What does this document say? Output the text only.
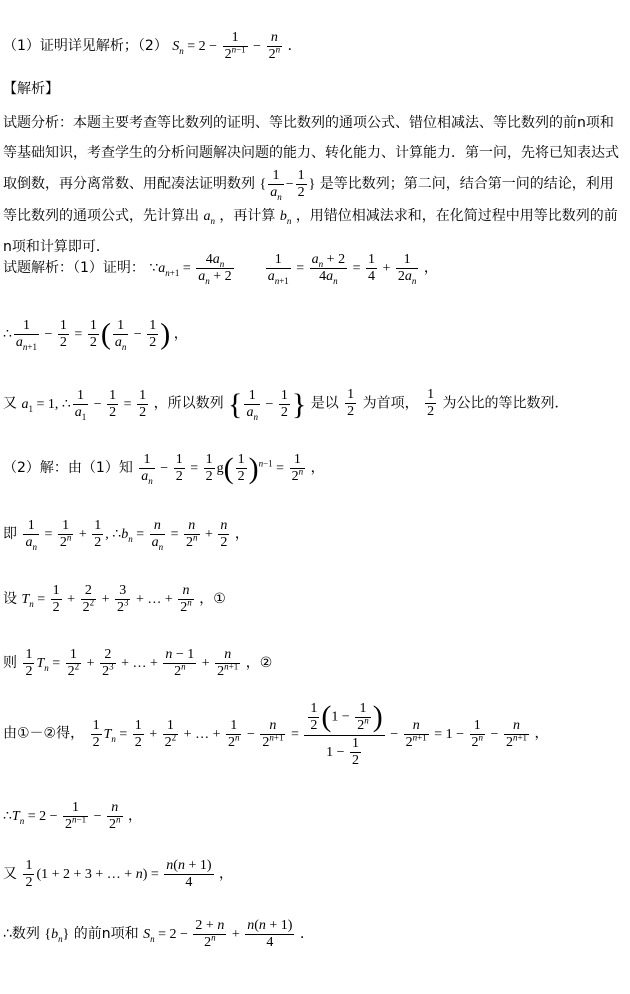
（1）证明详见解析；（2） $S_n = 2 - \frac{1}{2^{n-1}} - \frac{n}{2^n}$ ．
【解析】
试题分析：本题主要考查等比数列的证明、等比数列的通项公式、错位相减法、等比数列的前n项和等基础知识，考查学生的分析问题解决问题的能力、转化能力、计算能力．第一问，先将已知表达式取倒数，再分离常数、用配凑法证明数列 { $\frac{1}{a_n} - \frac{1}{2}$ } 是等比数列；第二问，结合第一问的结论，利用等比数列的通项公式，先计算出 $a_n$ ，再计算 $b_n$ ，用错位相减法求和，在化简过程中用等比数列的前n项和计算即可．
试题解析：（1）证明： $\because a_{n+1} = \frac{4a_n}{a_n + 2}$
$\frac{1}{a_{n+1}} = \frac{a_n + 2}{4a_n} = \frac{1}{4} + \frac{1}{2a_n}$ ，
∴ $\frac{1}{a_{n+1}} - \frac{1}{2} = \frac{1}{2}$ ( $\frac{1}{a_n} - \frac{1}{2}$ ) ，
又 $a_1 = 1$, ∴ $\frac{1}{a_1} - \frac{1}{2} = \frac{1}{2}$ ，所以数列 { $\frac{1}{a_n} - \frac{1}{2}$ } 是以 $\frac{1}{2}$ 为首项， $\frac{1}{2}$ 为公比的等比数列．
（2）解：由（1）知 $\frac{1}{a_n} - \frac{1}{2} = \frac{1}{2} g( \frac{1}{2} )^{n-1} = \frac{1}{2^n}$ ，
即 $\frac{1}{a_n} = \frac{1}{2^n} + \frac{1}{2}$ , $\therefore b_n = \frac{n}{a_n} = \frac{n}{2^n} + \frac{n}{2}$ ，
设 $T_n = \frac{1}{2} + \frac{2}{2^2} + \frac{3}{2^3}$ + … + $\frac{n}{2^n}$ ，①
则 $\frac{1}{2} T_n = \frac{1}{2^2} + \frac{2}{2^3}$ + … + $\frac{n - 1}{2^n} + \frac{n}{2^{n+1}}$ ，②
由①－②得， $\frac{1}{2} T_n = \frac{1}{2} + \frac{1}{2^2}$ + … + $\frac{1}{2^n} - \frac{n}{2^{n+1}} = \frac{\frac{1}{2} (1 - \frac{1}{2^n} )}{1 - \frac{1}{2}} - \frac{n}{2^{n+1}} = 1 - \frac{1}{2^n} - \frac{n}{2^{n+1}}$ ，
$\therefore T_n = 2 - \frac{1}{2^{n-1}} - \frac{n}{2^n}$ ，
又 $\frac{1}{2} (1 + 2 + 3$ + … + $n) = \frac{n(n + 1)}{4}$ ，
∴数列 $\{b_n\}$ 的前n项和 $S_n = 2 - \frac{2 + n}{2^n} + \frac{n(n + 1)}{4}$ ．
